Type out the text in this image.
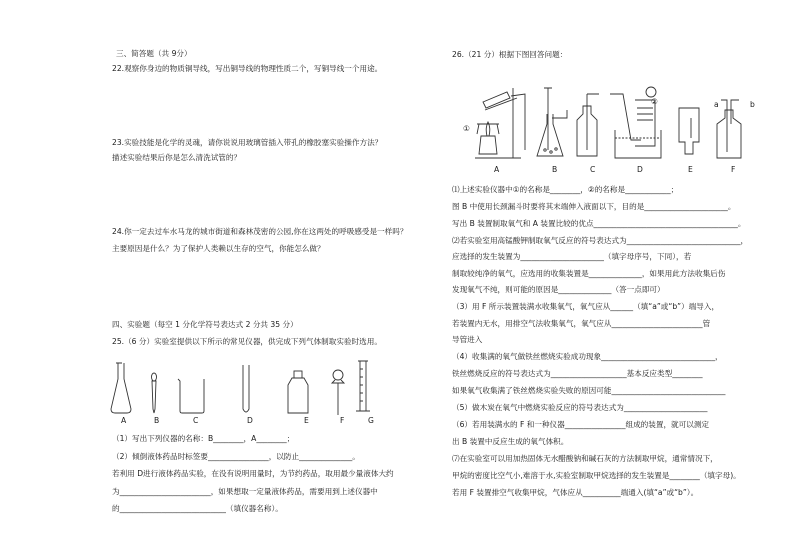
三、简答题（共 9分）
22.观察你身边的物质铜导线，写出铜导线的物理性质二个，写铜导线一个用途。
23.实验技能是化学的灵魂，请你说说用玻璃管插入带孔的橡胶塞实验操作方法？
描述实验结果后你是怎么清洗试管的？
24.你一定去过车水马龙的城市街道和森林茂密的公园,你在这两处的呼吸感受是一样吗？
主要原因是什么？为了保护人类赖以生存的空气，你能怎么做？
四、实验题（每空 1 分化学符号表达式 2 分共 35 分）
25.（6 分）实验室提供以下所示的常见仪器，供完成下列气体制取实验时选用。
A	B	C	D	E	F	G
（1）写出下列仪器的名称：B________，A________；
（2）倾倒液体药品时标签要________________，以防止______________。
若利用 D进行液体药品实验，在没有说明用量时，为节约药品，取用最少量液体大约
为________________________，如果想取一定量液体药品，需要用到上述仪器中
的____________________________（填仪器名称）。
26.（21 分）根据下图回答问题：
①
②	a	b
A	B	C	D	E	F
⑴上述实验仪器中①的名称是________，②的名称是____________；
图 B 中使用长颈漏斗时要将其末端伸入液面以下，目的是______________________。
写出 B 装置制取氧气和 A 装置比较的优点______________________________________。
⑵若实验室用高锰酸钾制取氧气反应的符号表达式为______________________________，
应选择的发生装置为______________________（填字母序号，下同），若
制取较纯净的氧气，应选用的收集装置是______________，如果用此方法收集后伤
发现氧气不纯，则可能的原因是______________（答一点即可）
（3）用 F 所示装置装满水收集氧气，氧气应从______（填“a”或“b”）端导入，
若装置内无水，用排空气法收集氧气，氧气应从________________________管
导管进入
（4）收集满的氧气做铁丝燃烧实验成功现象______________________________，
铁丝燃烧反应的符号表达式为____________________基本反应类型________
如果氧气收集满了铁丝燃烧实验失败的原因可能______________________________
（5）做木炭在氧气中燃烧实验反应的符号表达式为______________________
（6）若用装满水的 F 和一种仪器________________组成的装置，就可以测定
出 B 装置中反应生成的氧气体积。
⑺在实验室可以用加热固体无水醋酸钠和碱石灰的方法制取甲烷，通常情况下，
甲烷的密度比空气小,难溶于水,实验室制取甲烷选择的发生装置是________（填字母)。
若用 F 装置排空气收集甲烷，气体应从__________端通入(填“a”或“b”）。
